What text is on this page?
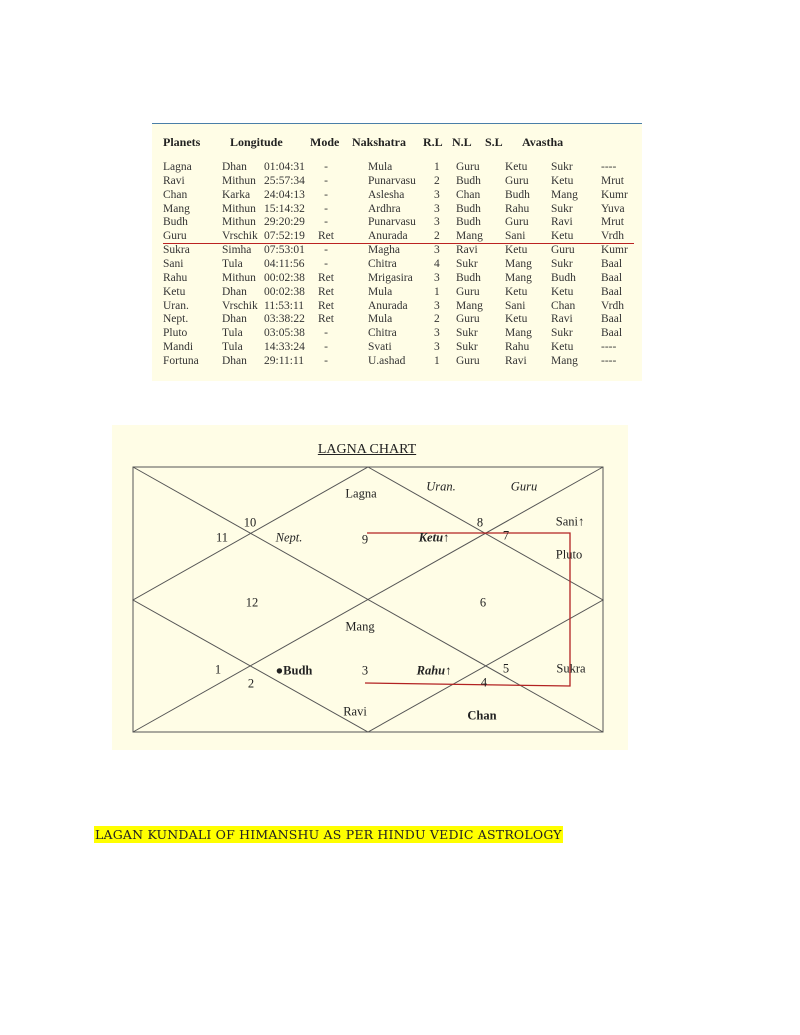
Planets Longitude Mode Nakshatra R.L N.L S.L Avastha
Lagna	Dhan 01:04:31 -	Mula	1 Guru Ketu Sukr ----
Ravi	Mithun 25:57:34 -	Punarvasu 2 Budh Guru Ketu Mrut
Chan	Karka 24:04:13 -	Aslesha	3 Chan Budh Mang Kumr
Mang	Mithun 15:14:32 -	Ardhra	3 Budh Rahu Sukr Yuva
Budh	Mithun 29:20:29 -	Punarvasu 3 Budh Guru Ravi Mrut
Guru	Vrschik 07:52:19 Ret	Anurada 2 Mang Sani Ketu Vrdh
Sukra	Simha 07:53:01 -	Magha	3 Ravi Ketu Guru Kumr
Sani	Tula 04:11:56 -	Chitra	4 Sukr Mang Sukr Baal
Rahu	Mithun 00:02:38 Ret	Mrigasira 3 Budh Mang Budh Baal
Ketu	Dhan 00:02:38 Ret	Mula	1 Guru Ketu Ketu Baal
Uran.	Vrschik 11:53:11 Ret	Anurada 3 Mang Sani Chan Vrdh
Nept.	Dhan 03:38:22 Ret	Mula	2 Guru Ketu Ravi Baal
Pluto	Tula 03:05:38 -	Chitra	3 Sukr Mang Sukr Baal
Mandi	Tula 14:33:24 -	Svati	3 Sukr Rahu Ketu ----
Fortuna Dhan 29:11:11 -	U.ashad 1 Guru Ravi Mang ----
LAGNA CHART
Lagna	Uran.	Guru
10	8	Sani↑
11	Nept.	9	Ketu↑	7
Pluto
12	6
Mang
1	●Budh	3	Rahu↑	5	Sukra
2	4
Ravi	Chan
LAGAN KUNDALI OF HIMANSHU AS PER HINDU VEDIC ASTROLOGY
